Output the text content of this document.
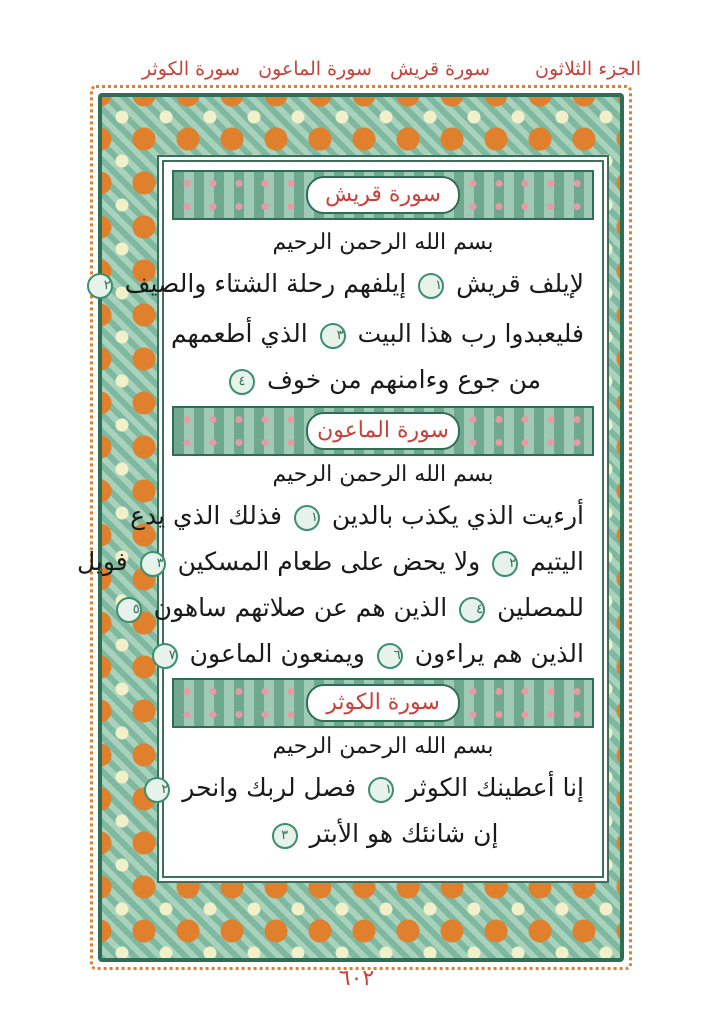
الجزء الثلاثون
سورة قريش سورة الماعون سورة الكوثر
سورة قريش
بسم الله الرحمن الرحيم
لإيلف قريش ١ إيلفهم رحلة الشتاء والصيف ٢
فليعبدوا رب هذا البيت ٣ الذي أطعمهم
من جوع وءامنهم من خوف ٤
سورة الماعون
بسم الله الرحمن الرحيم
أرءيت الذي يكذب بالدين ١ فذلك الذي يدع
اليتيم ٢ ولا يحض على طعام المسكين ٣ فويل
للمصلين ٤ الذين هم عن صلاتهم ساهون ٥
الذين هم يراءون ٦ ويمنعون الماعون ٧
سورة الكوثر
بسم الله الرحمن الرحيم
إنا أعطينك الكوثر ١ فصل لربك وانحر ٢
إن شانئك هو الأبتر ٣
٦٠٢
